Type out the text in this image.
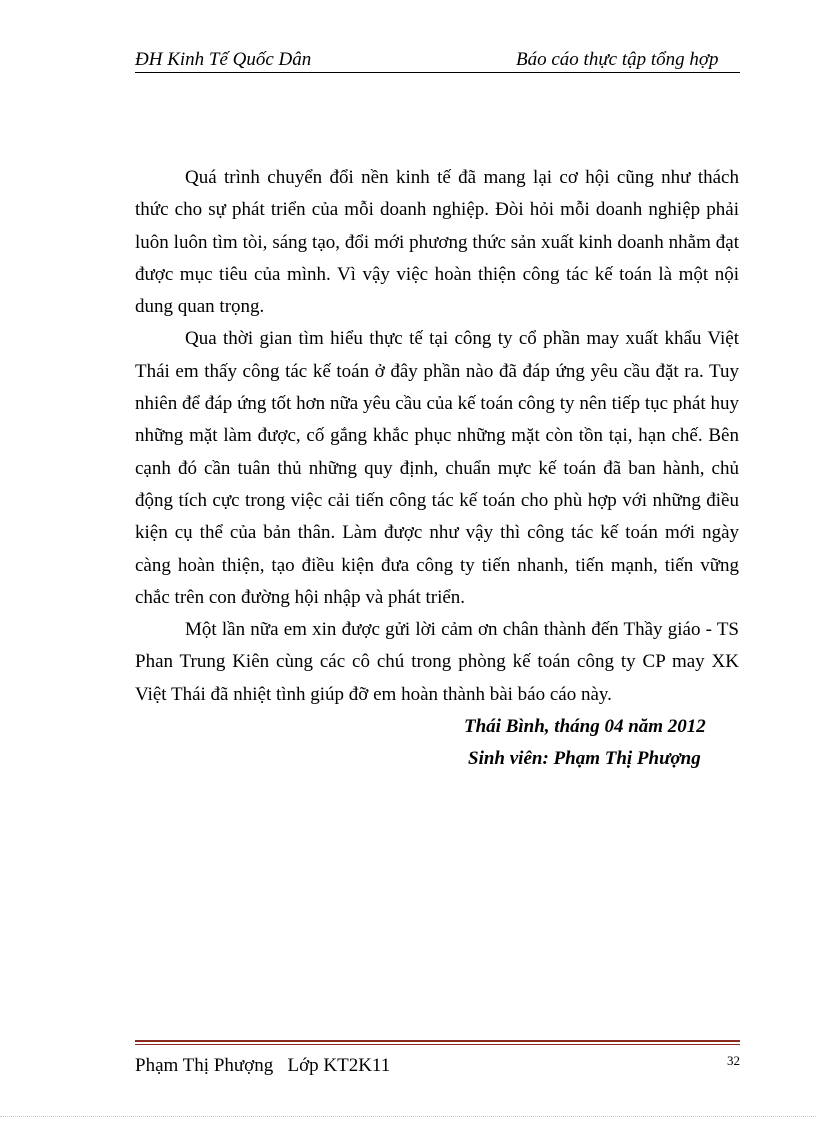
ĐH Kinh Tế Quốc Dân	Báo cáo thực tập tổng hợp

Quá trình chuyển đổi nền kinh tế đã mang lại cơ hội cũng như thách thức cho sự phát triển của mỗi doanh nghiệp. Đòi hỏi mỗi doanh nghiệp phải luôn luôn tìm tòi, sáng tạo, đổi mới phương thức sản xuất kinh doanh nhằm đạt được mục tiêu của mình. Vì vậy việc hoàn thiện công tác kế toán là một nội dung quan trọng.

Qua thời gian tìm hiểu thực tế tại công ty cổ phần may xuất khẩu Việt Thái em thấy công tác kế toán ở đây phần nào đã đáp ứng yêu cầu đặt ra. Tuy nhiên để đáp ứng tốt hơn nữa yêu cầu của kế toán công ty nên tiếp tục phát huy những mặt làm được, cố gắng khắc phục những mặt còn tồn tại, hạn chế. Bên cạnh đó cần tuân thủ những quy định, chuẩn mực kế toán đã ban hành, chủ động tích cực trong việc cải tiến công tác kế toán cho phù hợp với những điều kiện cụ thể của bản thân. Làm được như vậy thì công tác kế toán mới ngày càng hoàn thiện, tạo điều kiện đưa công ty tiến nhanh, tiến mạnh, tiến vững chắc trên con đường hội nhập và phát triển.

Một lần nữa em xin được gửi lời cảm ơn chân thành đến Thầy giáo - TS Phan Trung Kiên cùng các cô chú trong phòng kế toán công ty CP may XK Việt Thái đã nhiệt tình giúp đỡ em hoàn thành bài báo cáo này.

Thái Bình, tháng 04 năm 2012

Sinh viên: Phạm Thị Phượng

Phạm Thị Phượng   Lớp KT2K11	32
